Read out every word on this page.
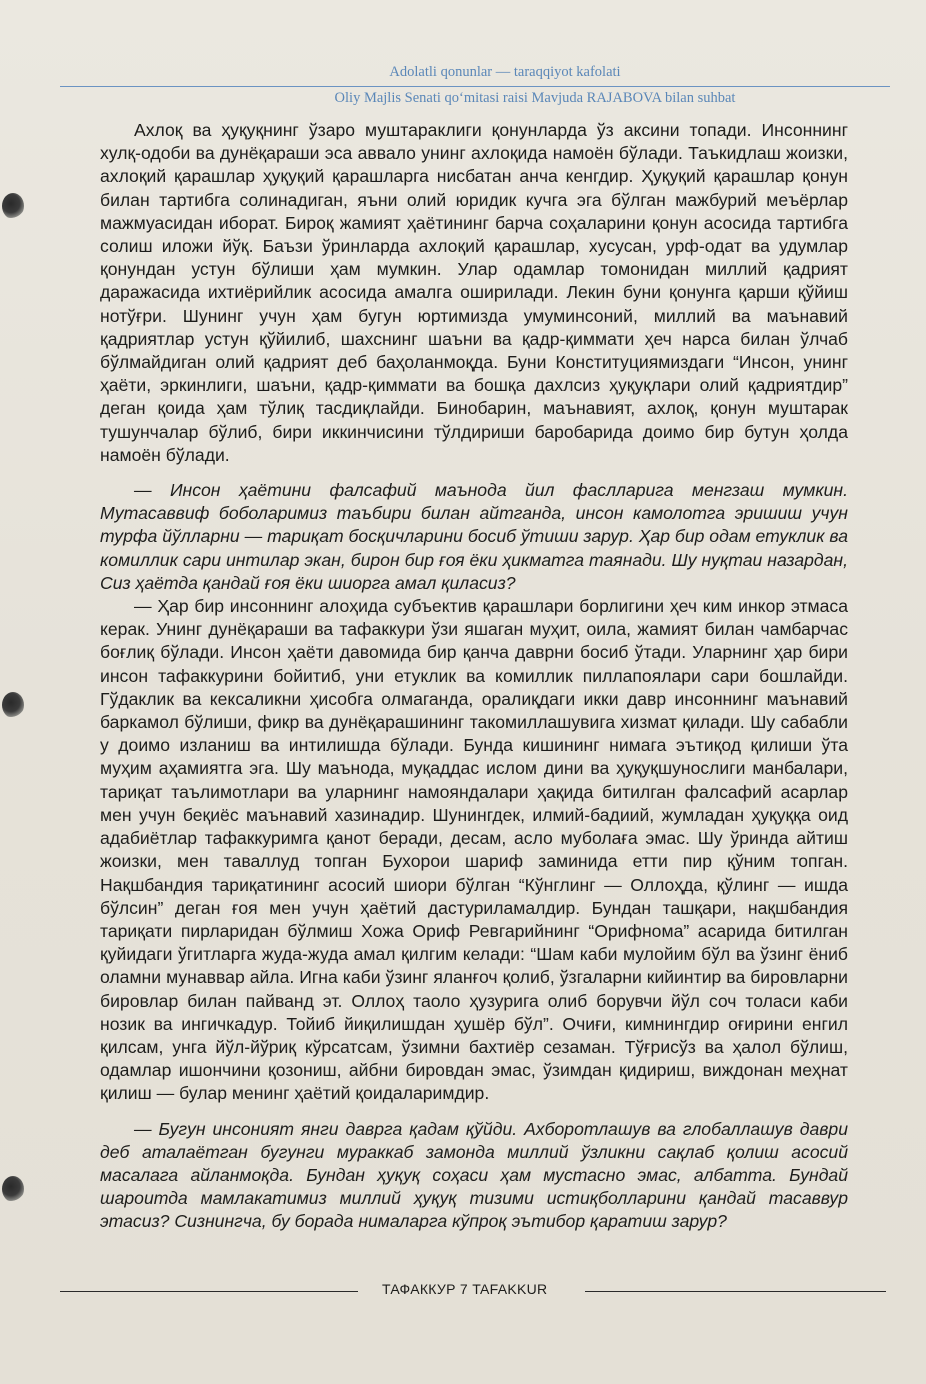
Adolatli qonunlar — taraqqiyot kafolati
Oliy Majlis Senati qo‘mitasi raisi Mavjuda RAJABOVA bilan suhbat

Ахлоқ ва ҳуқуқнинг ўзаро муштараклиги қонунларда ўз аксини топади. Инсоннинг хулқ-одоби ва дунёқараши эса аввало унинг ахлоқида намоён бўлади. Таъкидлаш жоизки, ахлоқий қарашлар ҳуқуқий қарашларга нисбатан анча кенгдир. Ҳуқуқий қарашлар қонун билан тартибга солинадиган, яъни олий юридик кучга эга бўлган мажбурий меъёрлар мажмуасидан иборат. Бироқ жамият ҳаётининг барча соҳаларини қонун асосида тартибга солиш иложи йўқ. Баъзи ўринларда ахлоқий қарашлар, хусусан, урф-одат ва удумлар қонундан устун бўлиши ҳам мумкин. Улар одамлар томонидан миллий қадрият даражасида ихтиёрийлик асосида амалга оширилади. Лекин буни қонунга қарши қўйиш нотўғри. Шунинг учун ҳам бугун юртимизда умуминсоний, миллий ва маънавий қадриятлар устун қўйилиб, шахснинг шаъни ва қадр-қиммати ҳеч нарса билан ўлчаб бўлмайдиган олий қадрият деб баҳоланмоқда. Буни Конституциямиздаги “Инсон, унинг ҳаёти, эркинлиги, шаъни, қадр-қиммати ва бошқа дахлсиз ҳуқуқлари олий қадриятдир” деган қоида ҳам тўлиқ тасдиқлайди. Бинобарин, маънавият, ахлоқ, қонун муштарак тушунчалар бўлиб, бири иккинчисини тўлдириши баробарида доимо бир бутун ҳолда намоён бўлади.

— Инсон ҳаётини фалсафий маънода йил фаслларига менгзаш мумкин. Мутасаввиф боболаримиз таъбири билан айтганда, инсон камолотга эришиш учун турфа йўлларни — тариқат босқичларини босиб ўтиши зарур. Ҳар бир одам етуклик ва комиллик сари интилар экан, бирон бир ғоя ёки ҳикматга таянади. Шу нуқтаи назардан, Сиз ҳаётда қандай ғоя ёки шиорга амал қиласиз?

— Ҳар бир инсоннинг алоҳида субъектив қарашлари борлигини ҳеч ким инкор этмаса керак. Унинг дунёқараши ва тафаккури ўзи яшаган муҳит, оила, жамият билан чамбарчас боғлиқ бўлади. Инсон ҳаёти давомида бир қанча даврни босиб ўтади. Уларнинг ҳар бири инсон тафаккурини бойитиб, уни етуклик ва комиллик пиллапоялари сари бошлайди. Гўдаклик ва кексаликни ҳисобга олмаганда, оралиқдаги икки давр инсоннинг маънавий баркамол бўлиши, фикр ва дунёқарашининг такомиллашувига хизмат қилади. Шу сабабли у доимо изланиш ва интилишда бўлади. Бунда кишининг нимага эътиқод қилиши ўта муҳим аҳамиятга эга. Шу маънода, муқаддас ислом дини ва ҳуқуқшунослиги манбалари, тариқат таълимотлари ва уларнинг намояндалари ҳақида битилган фалсафий асарлар мен учун беқиёс маънавий хазинадир. Шунингдек, илмий-бадиий, жумладан ҳуқуққа оид адабиётлар тафаккуримга қанот беради, десам, асло муболаға эмас. Шу ўринда айтиш жоизки, мен таваллуд топган Бухорои шариф заминида етти пир қўним топган. Нақшбандия тариқатининг асосий шиори бўлган “Кўнглинг — Оллоҳда, қўлинг — ишда бўлсин” деган ғоя мен учун ҳаётий дастуриламалдир. Бундан ташқари, нақшбандия тариқати пирларидан бўлмиш Хожа Ориф Ревгарийнинг “Орифнома” асарида битилган қуйидаги ўгитларга жуда-жуда амал қилгим келади: “Шам каби мулойим бўл ва ўзинг ёниб оламни мунаввар айла. Игна каби ўзинг яланғоч қолиб, ўзгаларни кийинтир ва бировларни бировлар билан пайванд эт. Оллоҳ таоло ҳузурига олиб борувчи йўл соч толаси каби нозик ва ингичкадур. Тойиб йиқилишдан ҳушёр бўл”. Очиғи, кимнингдир оғирини енгил қилсам, унга йўл-йўриқ кўрсатсам, ўзимни бахтиёр сезаман. Тўғрисўз ва ҳалол бўлиш, одамлар ишончини қозониш, айбни бировдан эмас, ўзимдан қидириш, виждонан меҳнат қилиш — булар менинг ҳаётий қоидаларимдир.

— Бугун инсоният янги даврга қадам қўйди. Ахборотлашув ва глобаллашув даври деб аталаётган бугунги мураккаб замонда миллий ўзликни сақлаб қолиш асосий масалага айланмоқда. Бундан ҳуқуқ соҳаси ҳам мустасно эмас, албатта. Бундай шароитда мамлакатимиз миллий ҳуқуқ тизими истиқболларини қандай тасаввур этасиз? Сизнингча, бу борада нималарга кўпроқ эътибор қаратиш зарур?

ТАФАККУР 7 TAFAKKUR
